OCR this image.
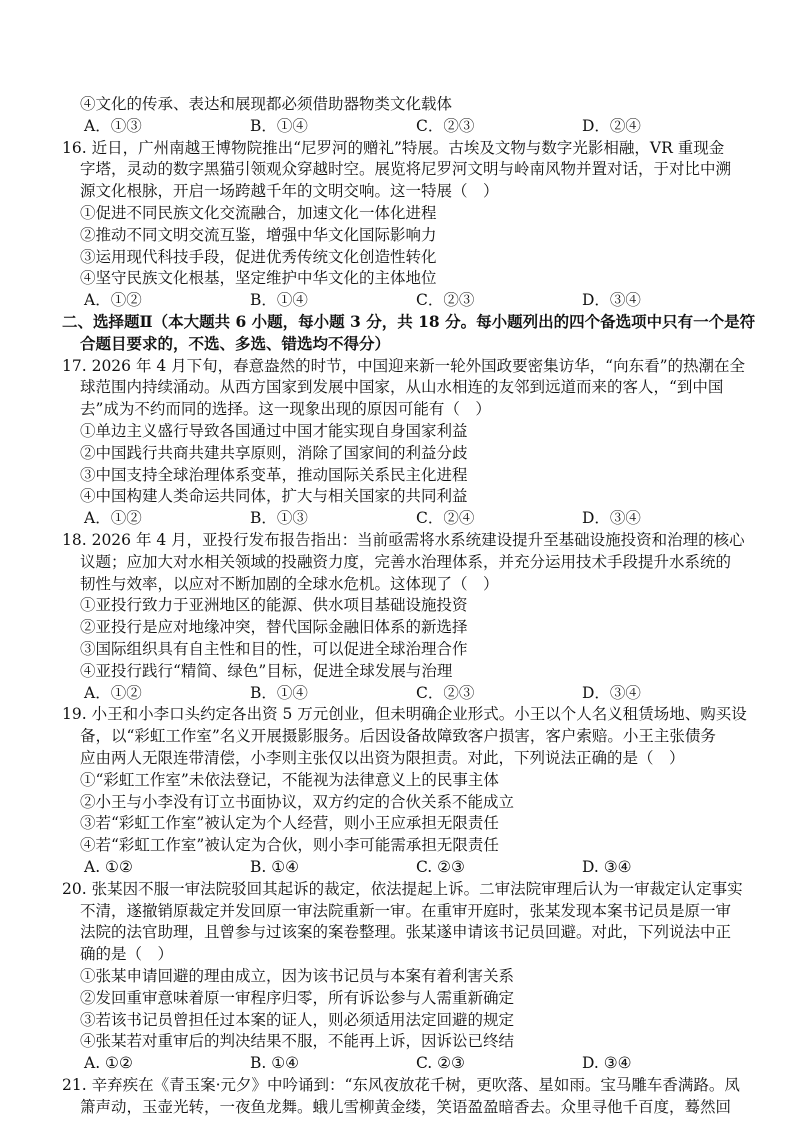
④文化的传承、表达和展现都必须借助器物类文化载体
A．①③	B．①④	C．②③	D．②④
16. 近日，广州南越王博物院推出“尼罗河的赠礼”特展。古埃及文物与数字光影相融，VR 重现金
字塔，灵动的数字黑猫引领观众穿越时空。展览将尼罗河文明与岭南风物并置对话，于对比中溯
源文化根脉，开启一场跨越千年的文明交响。这一特展（　）
①促进不同民族文化交流融合，加速文化一体化进程
②推动不同文明交流互鉴，增强中华文化国际影响力
③运用现代科技手段，促进优秀传统文化创造性转化
④坚守民族文化根基，坚定维护中华文化的主体地位
A．①②	B．①④	C．②③	D．③④
二、选择题Ⅱ（本大题共 6 小题，每小题 3 分，共 18 分。每小题列出的四个备选项中只有一个是符
合题目要求的，不选、多选、错选均不得分）
17. 2026 年 4 月下旬，春意盎然的时节，中国迎来新一轮外国政要密集访华，“向东看”的热潮在全
球范围内持续涌动。从西方国家到发展中国家，从山水相连的友邻到远道而来的客人，“到中国
去”成为不约而同的选择。这一现象出现的原因可能有（　）
①单边主义盛行导致各国通过中国才能实现自身国家利益
②中国践行共商共建共享原则，消除了国家间的利益分歧
③中国支持全球治理体系变革，推动国际关系民主化进程
④中国构建人类命运共同体，扩大与相关国家的共同利益
A．①②	B．①③	C．②④	D．③④
18. 2026 年 4 月，亚投行发布报告指出：当前亟需将水系统建设提升至基础设施投资和治理的核心
议题；应加大对水相关领域的投融资力度，完善水治理体系，并充分运用技术手段提升水系统的
韧性与效率，以应对不断加剧的全球水危机。这体现了（　）
①亚投行致力于亚洲地区的能源、供水项目基础设施投资
②亚投行是应对地缘冲突，替代国际金融旧体系的新选择
③国际组织具有自主性和目的性，可以促进全球治理合作
④亚投行践行“精简、绿色”目标，促进全球发展与治理
A．①②	B．①④	C．②③	D．③④
19. 小王和小李口头约定各出资 5 万元创业，但未明确企业形式。小王以个人名义租赁场地、购买设
备，以“彩虹工作室”名义开展摄影服务。后因设备故障致客户损害，客户索赔。小王主张债务
应由两人无限连带清偿，小李则主张仅以出资为限担责。对此，下列说法正确的是（　）
①“彩虹工作室”未依法登记，不能视为法律意义上的民事主体
②小王与小李没有订立书面协议，双方约定的合伙关系不能成立
③若“彩虹工作室”被认定为个人经营，则小王应承担无限责任
④若“彩虹工作室”被认定为合伙，则小李可能需承担无限责任
A. ①②	B. ①④	C. ②③	D. ③④
20. 张某因不服一审法院驳回其起诉的裁定，依法提起上诉。二审法院审理后认为一审裁定认定事实
不清，遂撤销原裁定并发回原一审法院重新一审。在重审开庭时，张某发现本案书记员是原一审
法院的法官助理，且曾参与过该案的案卷整理。张某遂申请该书记员回避。对此，下列说法中正
确的是（　）
①张某申请回避的理由成立，因为该书记员与本案有着利害关系
②发回重审意味着原一审程序归零，所有诉讼参与人需重新确定
③若该书记员曾担任过本案的证人，则必须适用法定回避的规定
④张某若对重审后的判决结果不服，不能再上诉，因诉讼已终结
A. ①②	B. ①④	C. ②③	D. ③④
21. 辛弃疾在《青玉案·元夕》中吟诵到：“东风夜放花千树，更吹落、星如雨。宝马雕车香满路。凤
箫声动，玉壶光转，一夜鱼龙舞。蛾儿雪柳黄金缕，笑语盈盈暗香去。众里寻他千百度，蓦然回
